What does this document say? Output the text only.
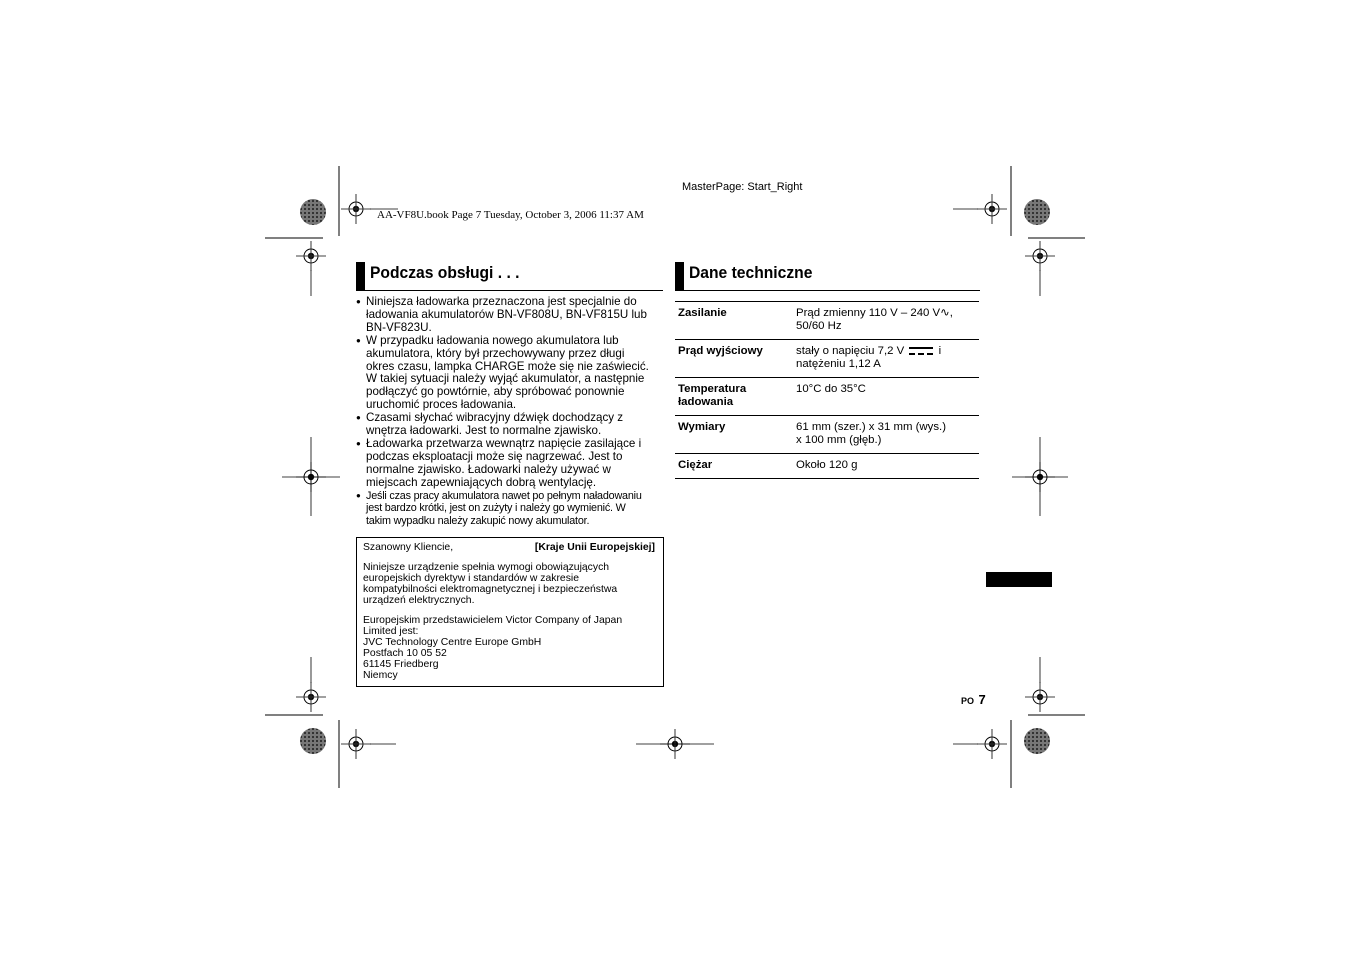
MasterPage: Start_Right
AA-VF8U.book Page 7 Tuesday, October 3, 2006 11:37 AM
Podczas obsługi . . .
● Niniejsza ładowarka przeznaczona jest specjalnie do
ładowania akumulatorów BN-VF808U, BN-VF815U lub
BN-VF823U.
● W przypadku ładowania nowego akumulatora lub
akumulatora, który był przechowywany przez długi
okres czasu, lampka CHARGE może się nie zaświecić.
W takiej sytuacji należy wyjąć akumulator, a następnie
podłączyć go powtórnie, aby spróbować ponownie
uruchomić proces ładowania.
● Czasami słychać wibracyjny dźwięk dochodzący z
wnętrza ładowarki. Jest to normalne zjawisko.
● Ładowarka przetwarza wewnątrz napięcie zasilające i
podczas eksploatacji może się nagrzewać. Jest to
normalne zjawisko. Ładowarki należy używać w
miejscach zapewniających dobrą wentylację.
● Jeśli czas pracy akumulatora nawet po pełnym naładowaniu
jest bardzo krótki, jest on zużyty i należy go wymienić. W
takim wypadku należy zakupić nowy akumulator.
Szanowny Kliencie,	[Kraje Unii Europejskiej]
Niniejsze urządzenie spełnia wymogi obowiązujących
europejskich dyrektyw i standardów w zakresie
kompatybilności elektromagnetycznej i bezpieczeństwa
urządzeń elektrycznych.
Europejskim przedstawicielem Victor Company of Japan
Limited jest:
JVC Technology Centre Europe GmbH
Postfach 10 05 52
61145 Friedberg
Niemcy
Dane techniczne
Zasilanie	Prąd zmienny 110 V – 240 V∿,
50/60 Hz
Prąd wyjściowy	stały o napięciu 7,2 V i
natężeniu 1,12 A
Temperatura
ładowania	10°C do 35°C
Wymiary	61 mm (szer.) x 31 mm (wys.)
x 100 mm (głęb.)
Ciężar	Około 120 g
PO 7
